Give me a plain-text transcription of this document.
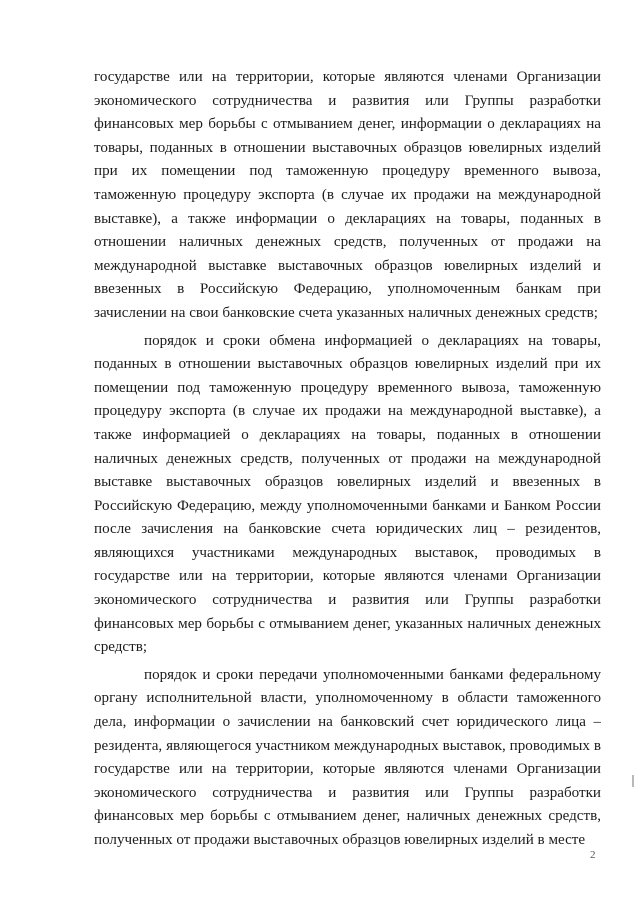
государстве или на территории, которые являются членами Организации
экономического сотрудничества и развития или Группы разработки
финансовых мер борьбы с отмыванием денег, информации о декларациях на
товары, поданных в отношении выставочных образцов ювелирных изделий
при их помещении под таможенную процедуру временного вывоза,
таможенную процедуру экспорта (в случае их продажи на международной
выставке), а также информации о декларациях на товары, поданных в
отношении наличных денежных средств, полученных от продажи на
международной выставке выставочных образцов ювелирных изделий и
ввезенных в Российскую Федерацию, уполномоченным банкам при
зачислении на свои банковские счета указанных наличных денежных средств;

порядок и сроки обмена информацией о декларациях на товары,
поданных в отношении выставочных образцов ювелирных изделий при их
помещении под таможенную процедуру временного вывоза, таможенную
процедуру экспорта (в случае их продажи на международной выставке), а
также информацией о декларациях на товары, поданных в отношении
наличных денежных средств, полученных от продажи на международной
выставке выставочных образцов ювелирных изделий и ввезенных в
Российскую Федерацию, между уполномоченными банками и Банком России
после зачисления на банковские счета юридических лиц – резидентов,
являющихся участниками международных выставок, проводимых в
государстве или на территории, которые являются членами Организации
экономического сотрудничества и развития или Группы разработки
финансовых мер борьбы с отмыванием денег, указанных наличных денежных
средств;

порядок и сроки передачи уполномоченными банками федеральному
органу исполнительной власти, уполномоченному в области таможенного
дела, информации о зачислении на банковский счет юридического лица –
резидента, являющегося участником международных выставок, проводимых в
государстве или на территории, которые являются членами Организации
экономического сотрудничества и развития или Группы разработки
финансовых мер борьбы с отмыванием денег, наличных денежных средств,
полученных от продажи выставочных образцов ювелирных изделий в месте

2
